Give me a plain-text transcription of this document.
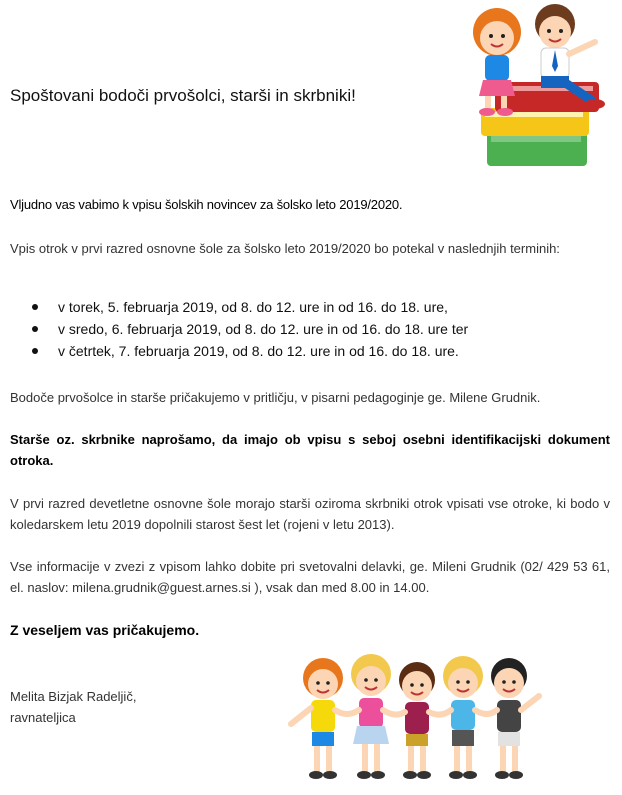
Spoštovani bodoči prvošolci, starši in skrbniki!
Vljudno vas vabimo k vpisu šolskih novincev za šolsko leto 2019/2020.
Vpis otrok v prvi razred osnovne šole za šolsko leto 2019/2020 bo potekal v naslednjih terminih:
v torek, 5. februarja 2019, od 8. do 12. ure in od 16. do 18. ure,
v sredo, 6. februarja 2019, od 8. do 12. ure in od 16. do 18. ure ter
v četrtek, 7. februarja 2019, od 8. do 12. ure in od 16. do 18. ure.
Bodoče prvošolce in starše pričakujemo v pritličju, v pisarni pedagoginje ge. Milene Grudnik.
Starše oz. skrbnike naprošamo, da imajo ob vpisu s seboj osebni identifikacijski dokument otroka.
V prvi razred devetletne osnovne šole morajo starši oziroma skrbniki otrok vpisati vse otroke, ki bodo v koledarskem letu 2019 dopolnili starost šest let (rojeni v letu 2013).
Vse informacije v zvezi z vpisom lahko dobite pri svetovalni delavki, ge. Mileni Grudnik (02/ 429 53 61, el. naslov: milena.grudnik@guest.arnes.si ), vsak dan med 8.00 in 14.00.
Z veseljem vas pričakujemo.
Melita Bizjak Radeljič,
ravnateljica
